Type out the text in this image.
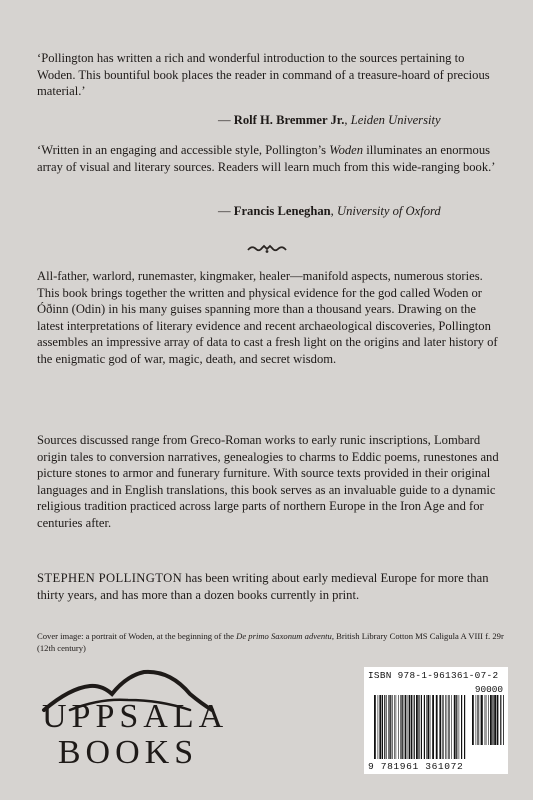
‘Pollington has written a rich and wonderful introduction to the sources pertaining to Woden. This bountiful book places the reader in command of a treasure-hoard of precious material.’

— Rolf H. Bremmer Jr., Leiden University

‘Written in an engaging and accessible style, Pollington’s Woden illuminates an enormous array of visual and literary sources. Readers will learn much from this wide-ranging book.’

— Francis Leneghan, University of Oxford

All-father, warlord, runemaster, kingmaker, healer—manifold aspects, numerous stories. This book brings together the written and physical evidence for the god called Woden or Óðinn (Odin) in his many guises spanning more than a thousand years. Drawing on the latest interpretations of literary evidence and recent archaeological discoveries, Pollington assembles an impressive array of data to cast a fresh light on the origins and later history of the enigmatic god of war, magic, death, and secret wisdom.

Sources discussed range from Greco-Roman works to early runic inscriptions, Lombard origin tales to conversion narratives, genealogies to charms to Eddic poems, runestones and picture stones to armor and funerary furniture. With source texts provided in their original languages and in English translations, this book serves as an invaluable guide to a dynamic religious tradition practiced across large parts of northern Europe in the Iron Age and for centuries after.

STEPHEN POLLINGTON has been writing about early medieval Europe for more than thirty years, and has more than a dozen books currently in print.

Cover image: a portrait of Woden, at the beginning of the De primo Saxonum adventu, British Library Cotton MS Caligula A VIII f. 29r (12th century)
UPPSALA
BOOKS
ISBN 978-1-961361-07-2
90000
9 781961 361072
